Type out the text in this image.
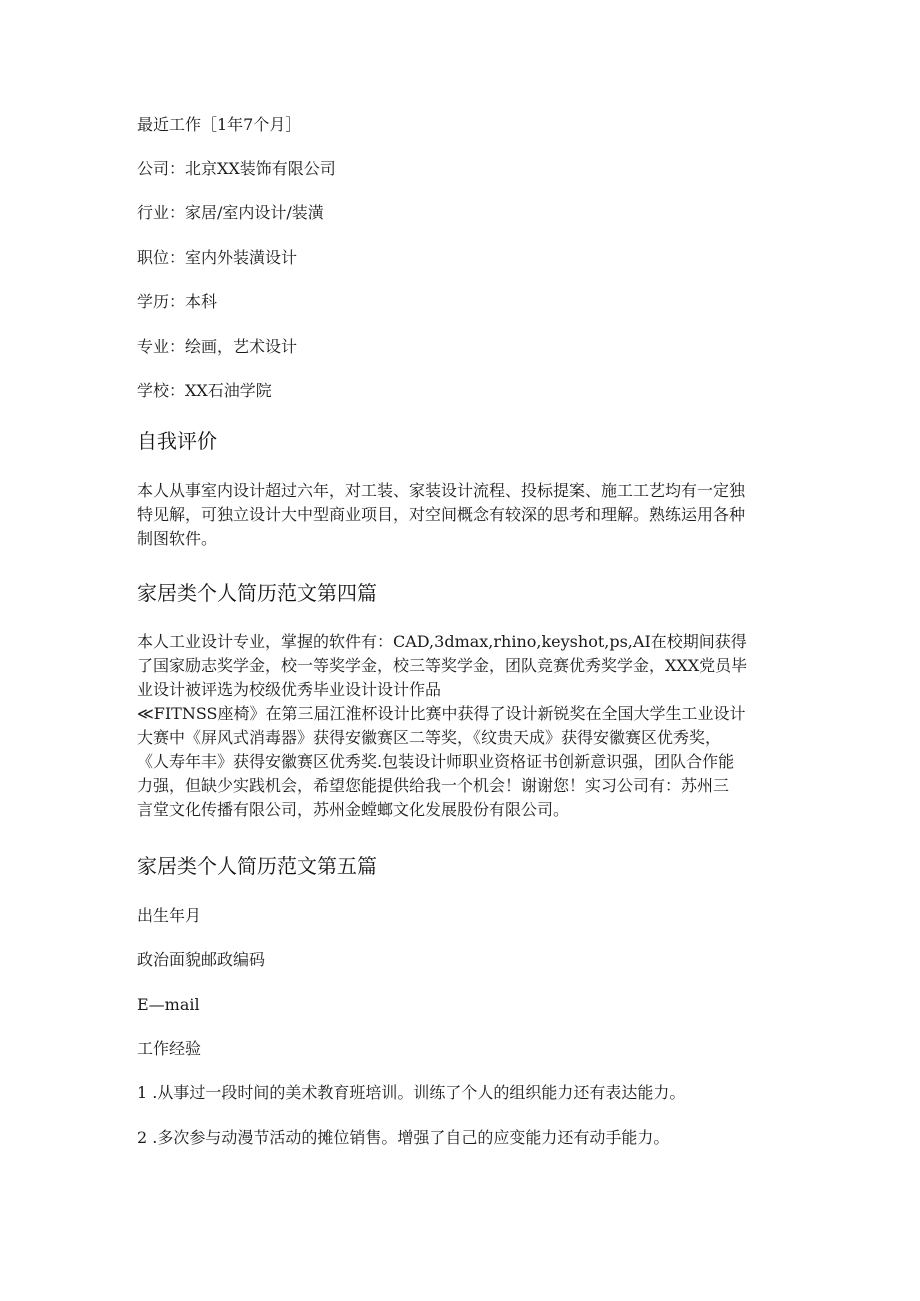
最近工作［1年7个月］
公司：北京XX装饰有限公司
行业：家居/室内设计/装潢
职位：室内外装潢设计
学历：本科
专业：绘画，艺术设计
学校：XX石油学院
自我评价
本人从事室内设计超过六年，对工装、家装设计流程、投标提案、施工工艺均有一定独
特见解，可独立设计大中型商业项目，对空间概念有较深的思考和理解。熟练运用各种
制图软件。
家居类个人简历范文第四篇
本人工业设计专业，掌握的软件有：CAD,3dmax,rhino,keyshot,ps,AI在校期间获得
了国家励志奖学金，校一等奖学金，校三等奖学金，团队竞赛优秀奖学金，XXX党员毕
业设计被评选为校级优秀毕业设计设计作品
≪FITNSS座椅》在第三届江淮杯设计比赛中获得了设计新锐奖在全国大学生工业设计
大赛中《屏风式消毒器》获得安徽赛区二等奖，《纹贵天成》获得安徽赛区优秀奖，
《人寿年丰》获得安徽赛区优秀奖.包装设计师职业资格证书创新意识强，团队合作能
力强，但缺少实践机会，希望您能提供给我一个机会！谢谢您！实习公司有：苏州三
言堂文化传播有限公司，苏州金螳螂文化发展股份有限公司。
家居类个人简历范文第五篇
出生年月
政治面貌邮政编码
E—mail
工作经验
1 .从事过一段时间的美术教育班培训。训练了个人的组织能力还有表达能力。
2 .多次参与动漫节活动的摊位销售。增强了自己的应变能力还有动手能力。
